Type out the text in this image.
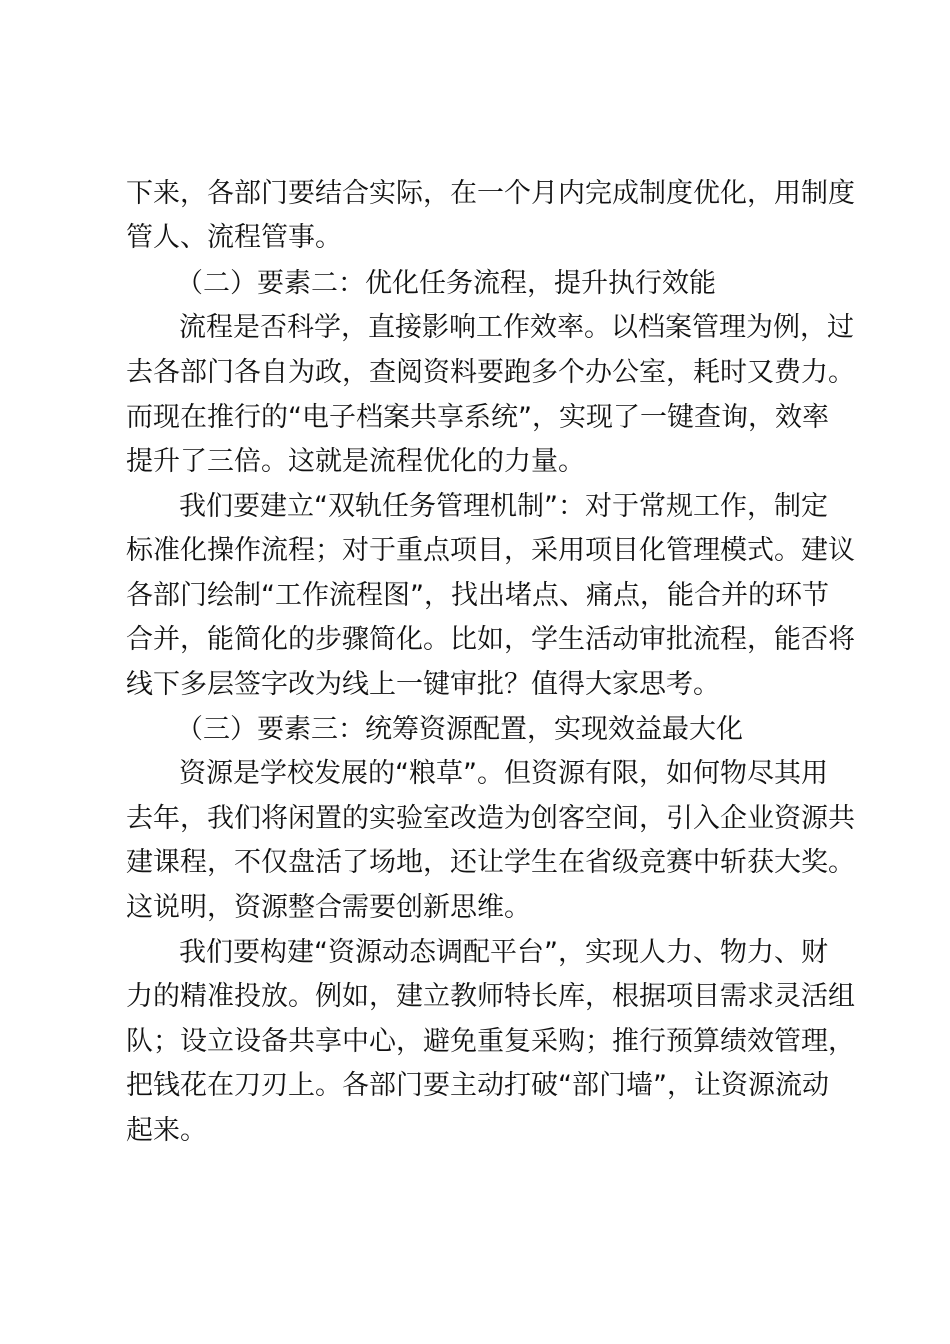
下来，各部门要结合实际，在一个月内完成制度优化，用制度
管人、流程管事。
（二）要素二：优化任务流程，提升执行效能
流程是否科学，直接影响工作效率。以档案管理为例，过
去各部门各自为政，查阅资料要跑多个办公室，耗时又费力。
而现在推行的“电子档案共享系统”，实现了一键查询，效率
提升了三倍。这就是流程优化的力量。
我们要建立“双轨任务管理机制”：对于常规工作，制定
标准化操作流程；对于重点项目，采用项目化管理模式。建议
各部门绘制“工作流程图”，找出堵点、痛点，能合并的环节
合并，能简化的步骤简化。比如，学生活动审批流程，能否将
线下多层签字改为线上一键审批？值得大家思考。
（三）要素三：统筹资源配置，实现效益最大化
资源是学校发展的“粮草”。但资源有限，如何物尽其用
去年，我们将闲置的实验室改造为创客空间，引入企业资源共
建课程，不仅盘活了场地，还让学生在省级竞赛中斩获大奖。
这说明，资源整合需要创新思维。
我们要构建“资源动态调配平台”，实现人力、物力、财
力的精准投放。例如，建立教师特长库，根据项目需求灵活组
队；设立设备共享中心，避免重复采购；推行预算绩效管理，
把钱花在刀刃上。各部门要主动打破“部门墙”，让资源流动
起来。
